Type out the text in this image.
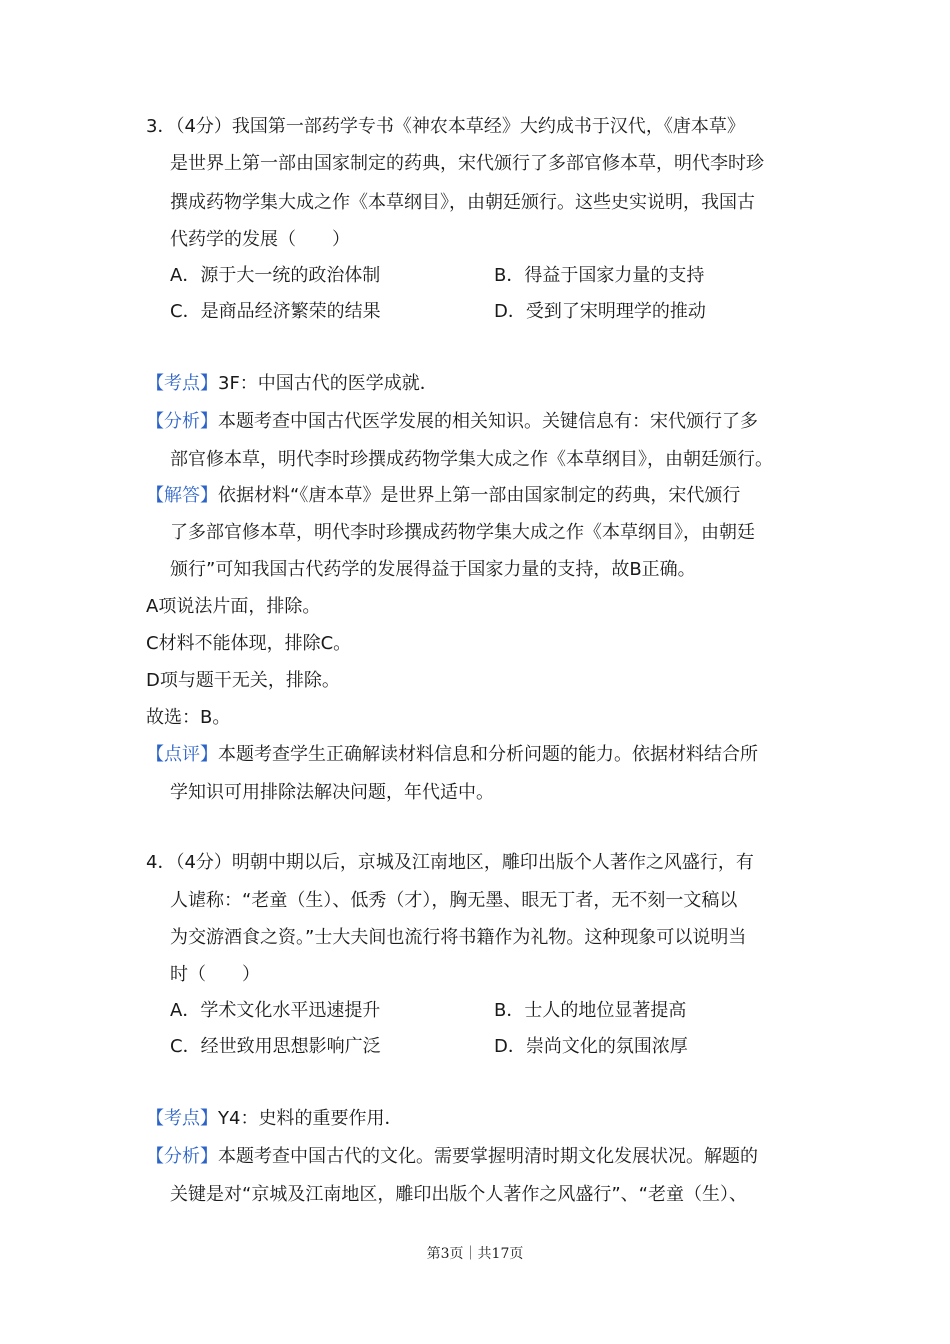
3．（4分）我国第一部药学专书《神农本草经》大约成书于汉代，《唐本草》
是世界上第一部由国家制定的药典，宋代颁行了多部官修本草，明代李时珍
撰成药物学集大成之作《本草纲目》，由朝廷颁行。这些史实说明，我国古
代药学的发展（　　）
A．源于大一统的政治体制	B．得益于国家力量的支持
C．是商品经济繁荣的结果	D．受到了宋明理学的推动
【考点】3F：中国古代的医学成就．
【分析】本题考查中国古代医学发展的相关知识。关键信息有：宋代颁行了多
部官修本草，明代李时珍撰成药物学集大成之作《本草纲目》，由朝廷颁行。
【解答】依据材料“《唐本草》是世界上第一部由国家制定的药典，宋代颁行
了多部官修本草，明代李时珍撰成药物学集大成之作《本草纲目》，由朝廷
颁行”可知我国古代药学的发展得益于国家力量的支持，故B正确。
A项说法片面，排除。
C材料不能体现，排除C。
D项与题干无关，排除。
故选：B。
【点评】本题考查学生正确解读材料信息和分析问题的能力。依据材料结合所
学知识可用排除法解决问题，年代适中。
4．（4分）明朝中期以后，京城及江南地区，雕印出版个人著作之风盛行，有
人谑称：“老童（生）、低秀（才），胸无墨、眼无丁者，无不刻一文稿以
为交游酒食之资。”士大夫间也流行将书籍作为礼物。这种现象可以说明当
时（　　）
A．学术文化水平迅速提升	B．士人的地位显著提高
C．经世致用思想影响广泛	D．崇尚文化的氛围浓厚
【考点】Y4：史料的重要作用．
【分析】本题考查中国古代的文化。需要掌握明清时期文化发展状况。解题的
关键是对“京城及江南地区，雕印出版个人著作之风盛行”、“老童（生）、
第3页｜共17页
